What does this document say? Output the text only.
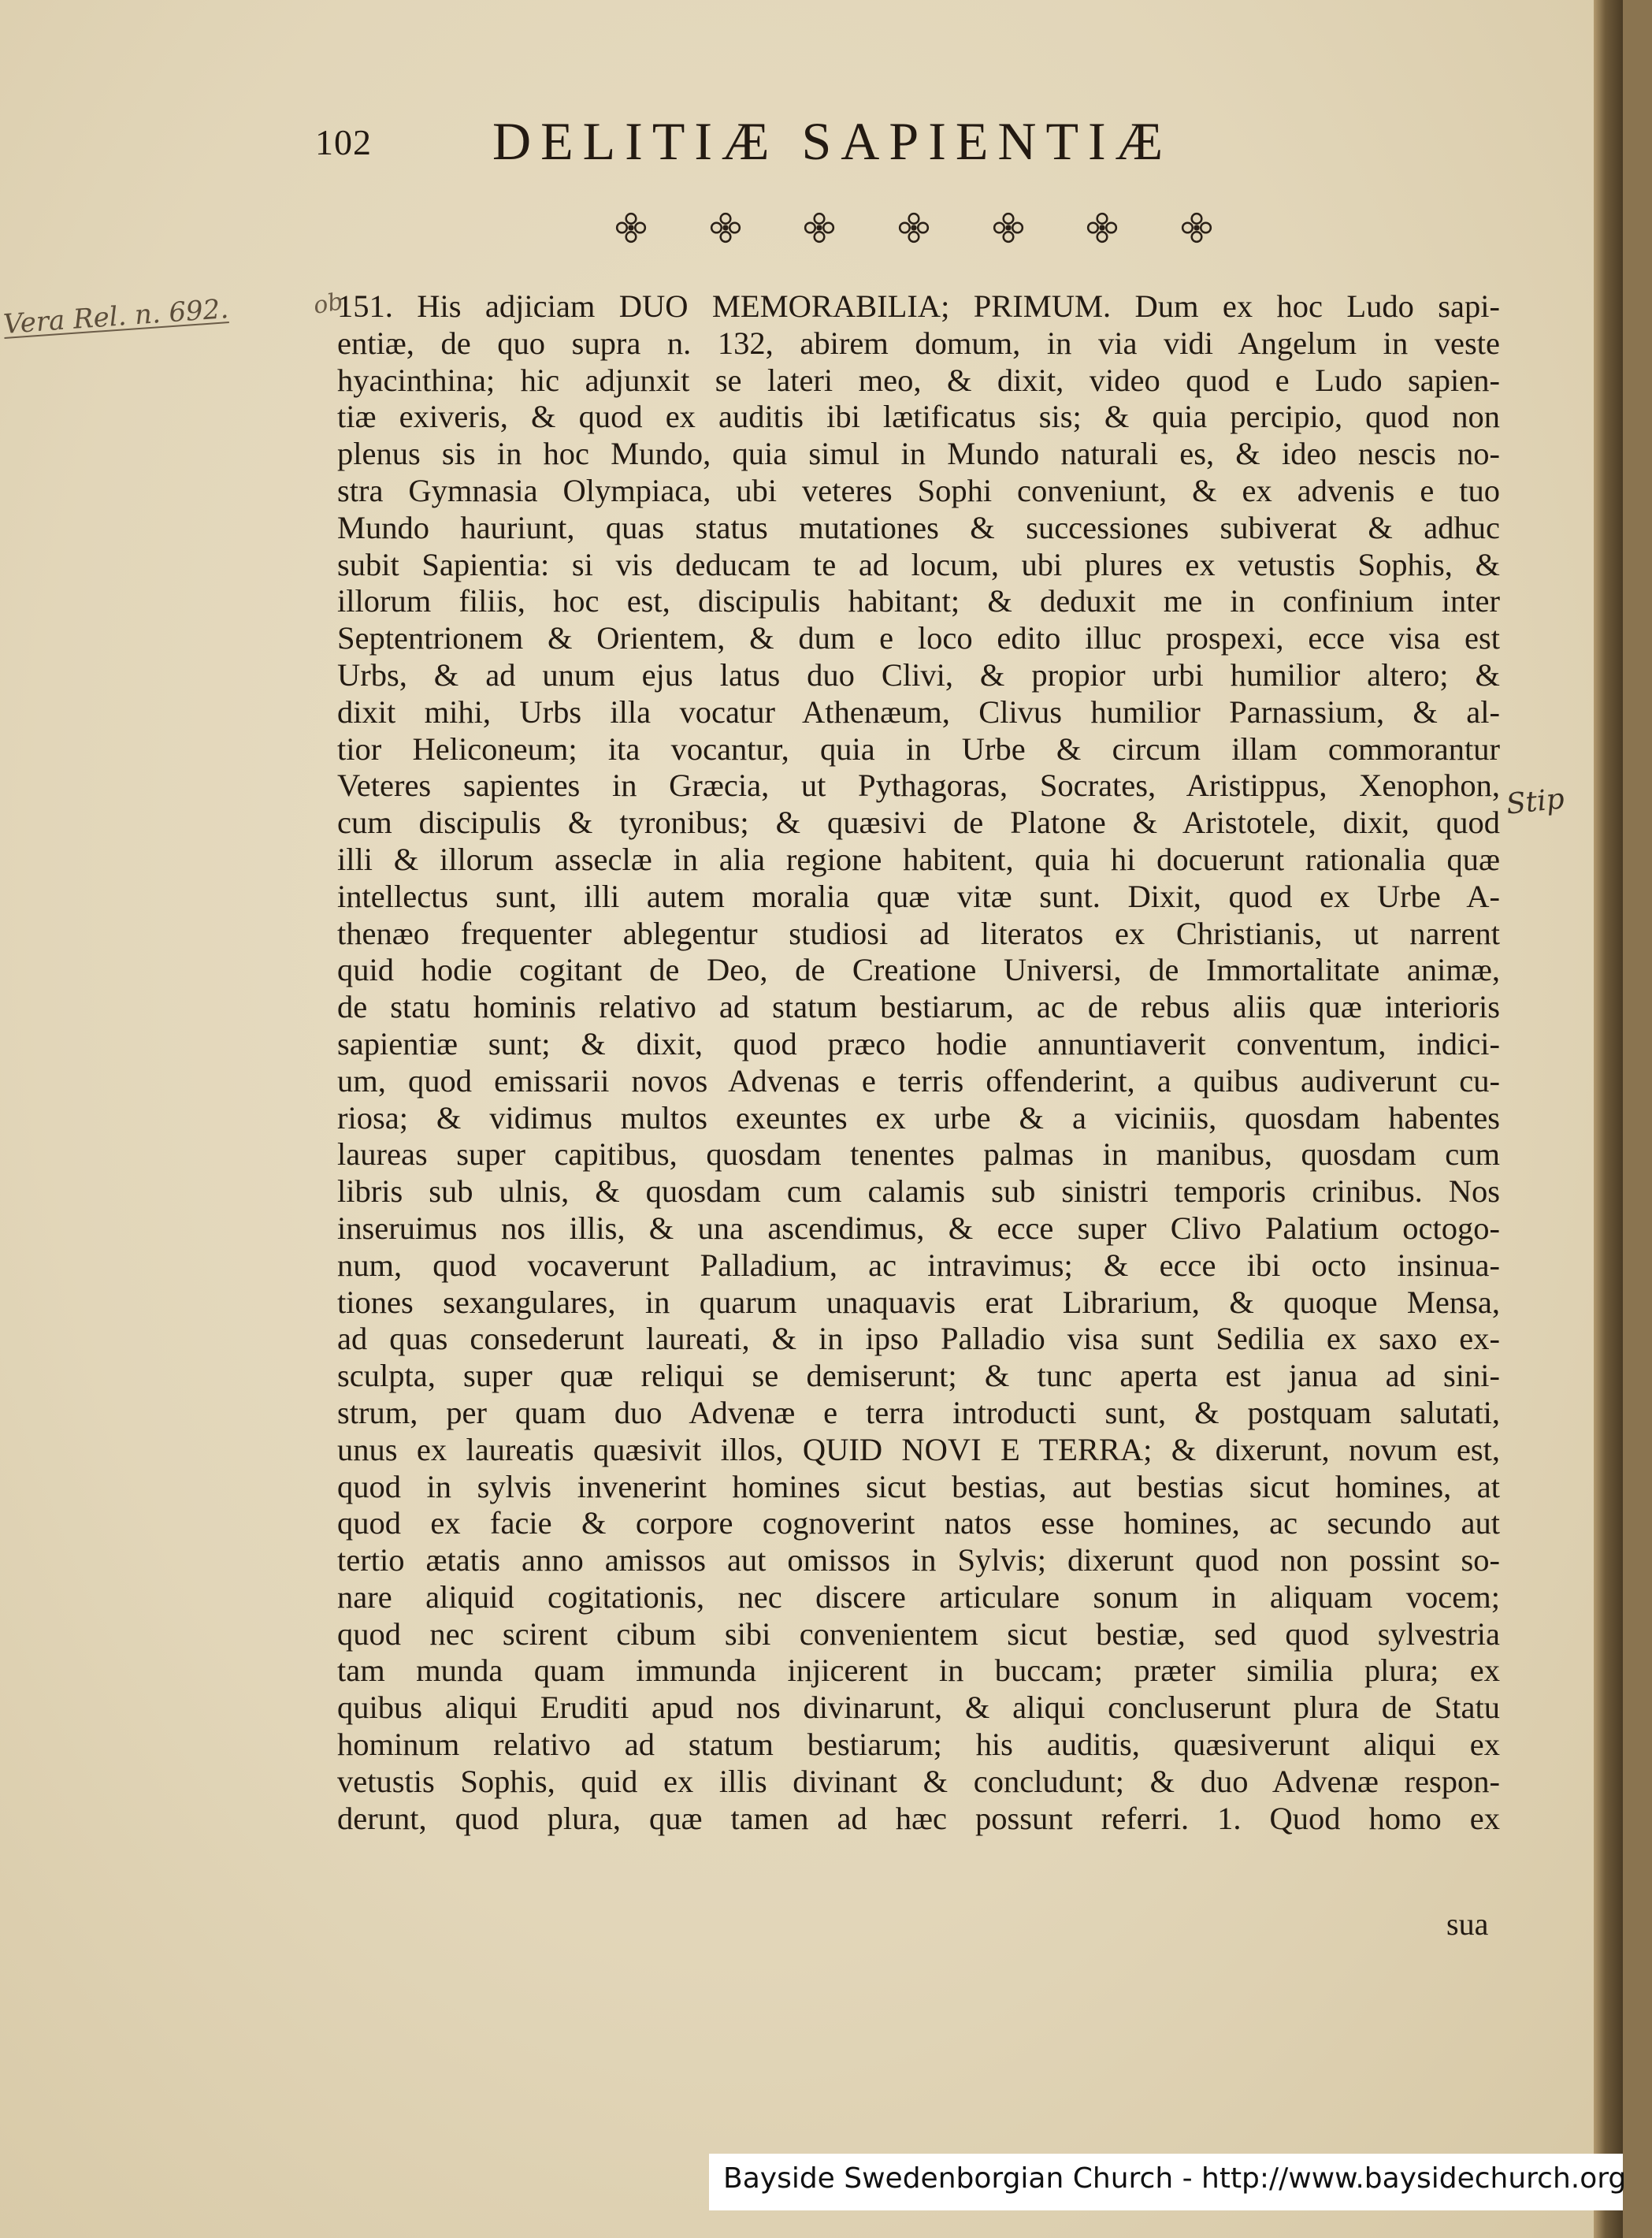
102 DELITIÆ SAPIENTIÆ
Vera Rel. n. 692.	ob
Stip
151. His adjiciam DUO MEMORABILIA; PRIMUM. Dum ex hoc Ludo sapi-
entiæ, de quo supra n. 132, abirem domum, in via vidi Angelum in veste
hyacinthina; hic adjunxit se lateri meo, & dixit, video quod e Ludo sapien-
tiæ exiveris, & quod ex auditis ibi lætificatus sis; & quia percipio, quod non
plenus sis in hoc Mundo, quia simul in Mundo naturali es, & ideo nescis no-
stra Gymnasia Olympiaca, ubi veteres Sophi conveniunt, & ex advenis e tuo
Mundo hauriunt, quas status mutationes & successiones subiverat & adhuc
subit Sapientia: si vis deducam te ad locum, ubi plures ex vetustis Sophis, &
illorum filiis, hoc est, discipulis habitant; & deduxit me in confinium inter
Septentrionem & Orientem, & dum e loco edito illuc prospexi, ecce visa est
Urbs, & ad unum ejus latus duo Clivi, & propior urbi humilior altero; &
dixit mihi, Urbs illa vocatur Athenæum, Clivus humilior Parnassium, & al-
tior Heliconeum; ita vocantur, quia in Urbe & circum illam commorantur
Veteres sapientes in Græcia, ut Pythagoras, Socrates, Aristippus, Xenophon,
cum discipulis & tyronibus; & quæsivi de Platone & Aristotele, dixit, quod
illi & illorum asseclæ in alia regione habitent, quia hi docuerunt rationalia quæ
intellectus sunt, illi autem moralia quæ vitæ sunt. Dixit, quod ex Urbe A-
thenæo frequenter ablegentur studiosi ad literatos ex Christianis, ut narrent
quid hodie cogitant de Deo, de Creatione Universi, de Immortalitate animæ,
de statu hominis relativo ad statum bestiarum, ac de rebus aliis quæ interioris
sapientiæ sunt; & dixit, quod præco hodie annuntiaverit conventum, indici-
um, quod emissarii novos Advenas e terris offenderint, a quibus audiverunt cu-
riosa; & vidimus multos exeuntes ex urbe & a viciniis, quosdam habentes
laureas super capitibus, quosdam tenentes palmas in manibus, quosdam cum
libris sub ulnis, & quosdam cum calamis sub sinistri temporis crinibus. Nos
inseruimus nos illis, & una ascendimus, & ecce super Clivo Palatium octogo-
num, quod vocaverunt Palladium, ac intravimus; & ecce ibi octo insinua-
tiones sexangulares, in quarum unaquavis erat Librarium, & quoque Mensa,
ad quas consederunt laureati, & in ipso Palladio visa sunt Sedilia ex saxo ex-
sculpta, super quæ reliqui se demiserunt; & tunc aperta est janua ad sini-
strum, per quam duo Advenæ e terra introducti sunt, & postquam salutati,
unus ex laureatis quæsivit illos, QUID NOVI E TERRA; & dixerunt, novum est,
quod in sylvis invenerint homines sicut bestias, aut bestias sicut homines, at
quod ex facie & corpore cognoverint natos esse homines, ac secundo aut
tertio ætatis anno amissos aut omissos in Sylvis; dixerunt quod non possint so-
nare aliquid cogitationis, nec discere articulare sonum in aliquam vocem;
quod nec scirent cibum sibi convenientem sicut bestiæ, sed quod sylvestria
tam munda quam immunda injicerent in buccam; præter similia plura; ex
quibus aliqui Eruditi apud nos divinarunt, & aliqui concluserunt plura de Statu
hominum relativo ad statum bestiarum; his auditis, quæsiverunt aliqui ex
vetustis Sophis, quid ex illis divinant & concludunt; & duo Advenæ respon-
derunt, quod plura, quæ tamen ad hæc possunt referri. 1. Quod homo ex
sua
Bayside Swedenborgian Church - http://www.baysidechurch.org
